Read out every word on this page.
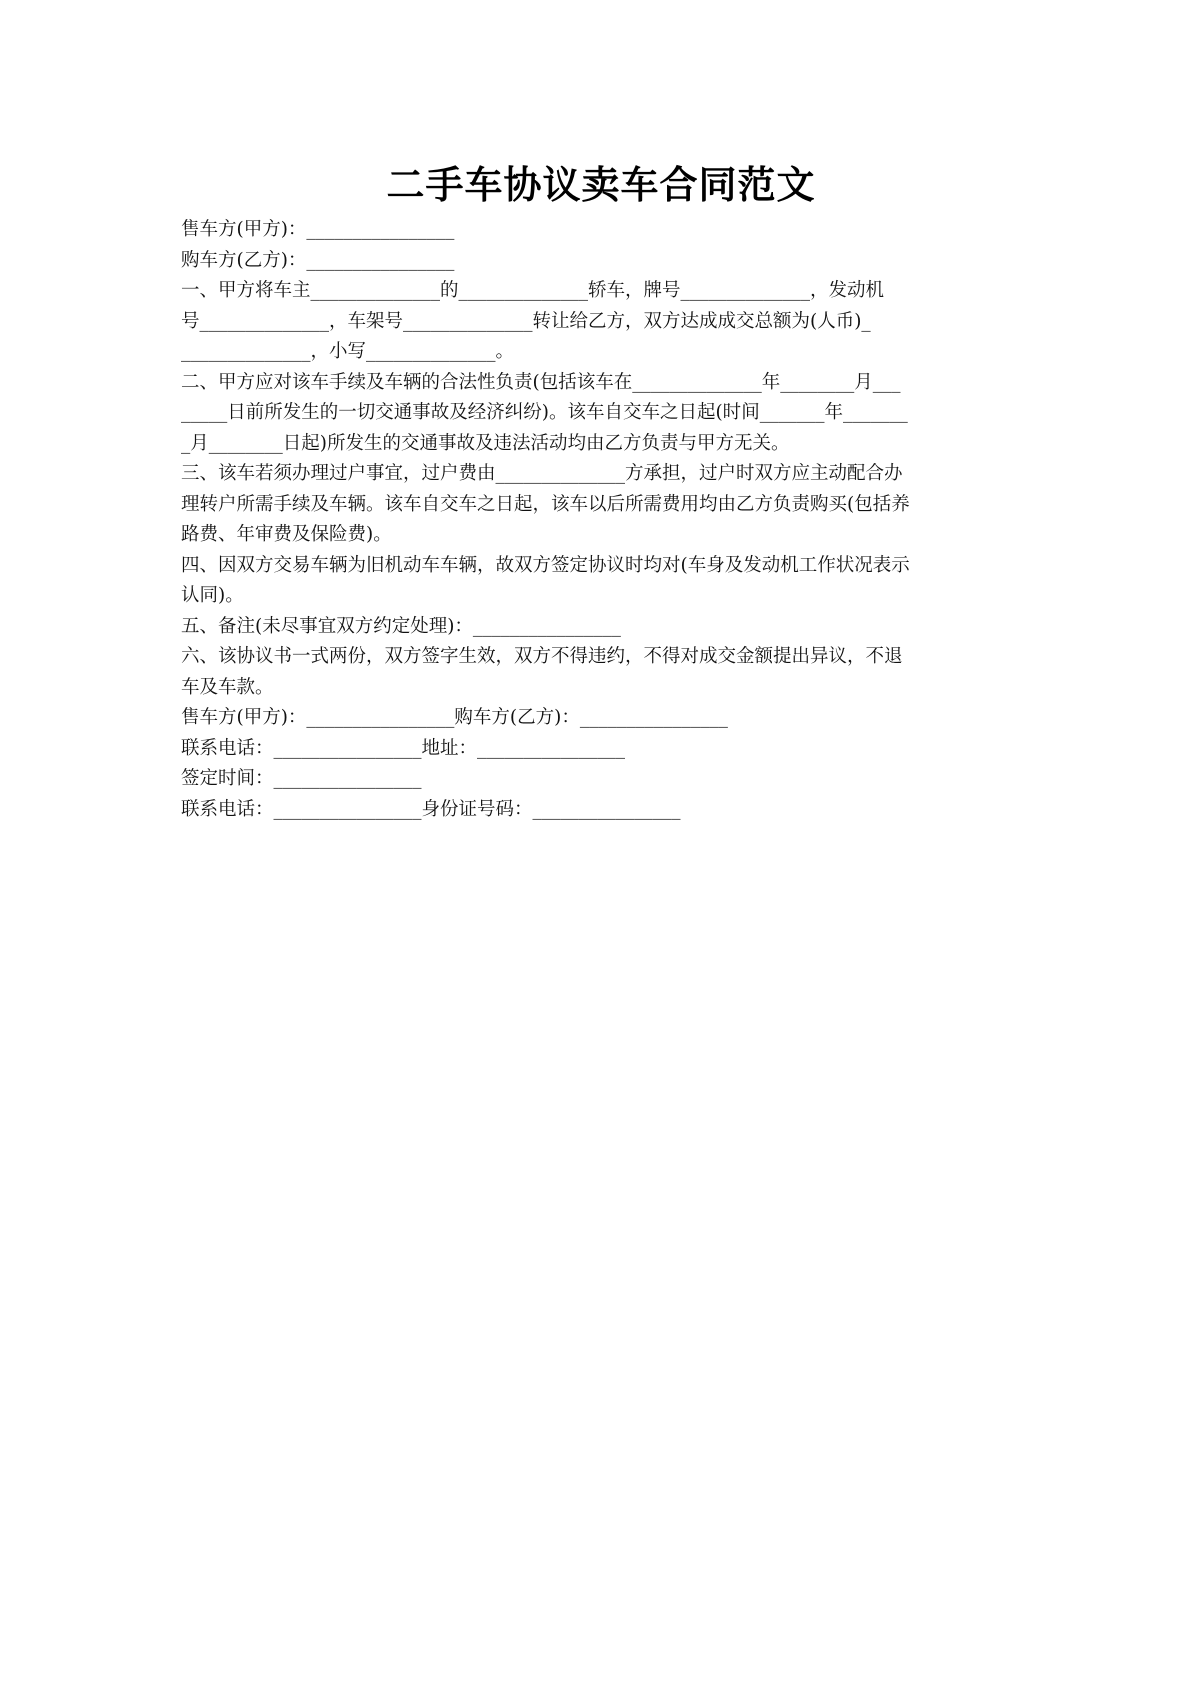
二手车协议卖车合同范文
售车方(甲方)：________________
购车方(乙方)：________________
一、甲方将车主______________的______________轿车，牌号______________，发动机
号______________，车架号______________转让给乙方，双方达成成交总额为(人币)_
______________，小写______________。
二、甲方应对该车手续及车辆的合法性负责(包括该车在______________年________月___
_____日前所发生的一切交通事故及经济纠纷)。该车自交车之日起(时间_______年_______
_月________日起)所发生的交通事故及违法活动均由乙方负责与甲方无关。
三、该车若须办理过户事宜，过户费由______________方承担，过户时双方应主动配合办
理转户所需手续及车辆。该车自交车之日起，该车以后所需费用均由乙方负责购买(包括养
路费、年审费及保险费)。
四、因双方交易车辆为旧机动车车辆，故双方签定协议时均对(车身及发动机工作状况表示
认同)。
五、备注(未尽事宜双方约定处理)：________________
六、该协议书一式两份，双方签字生效，双方不得违约，不得对成交金额提出异议，不退
车及车款。
售车方(甲方)：________________购车方(乙方)：________________
联系电话：________________地址：________________
签定时间：________________
联系电话：________________身份证号码：________________
